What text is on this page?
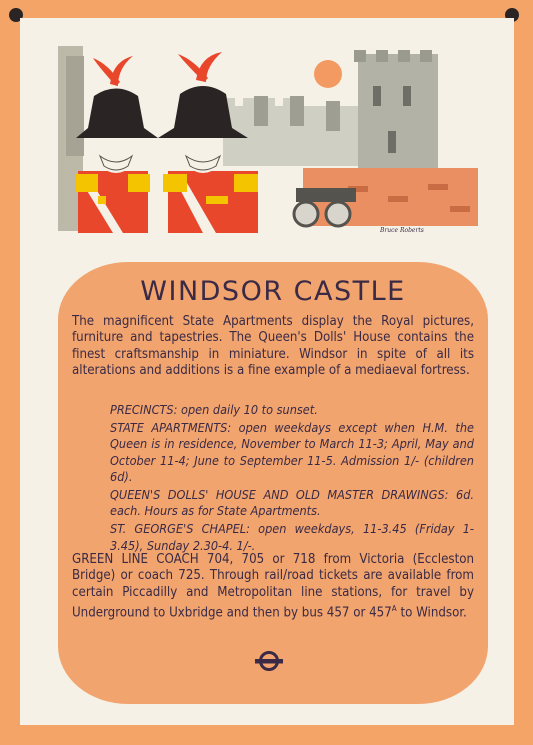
Bruce Roberts
WINDSOR CASTLE
The magnificent State Apartments display the Royal pictures, furniture and tapestries. The Queen's Dolls' House contains the finest craftsmanship in miniature. Windsor in spite of all its alterations and additions is a fine example of a mediaeval fortress.

PRECINCTS: open daily 10 to sunset.

STATE APARTMENTS: open weekdays except when H.M. the Queen is in residence, November to March 11-3; April, May and October 11-4; June to September 11-5. Admission 1/- (children 6d).

QUEEN'S DOLLS' HOUSE AND OLD MASTER DRAWINGS: 6d. each. Hours as for State Apartments.

ST. GEORGE'S CHAPEL: open weekdays, 11-3.45 (Friday 1-3.45), Sunday 2.30-4. 1/-.

GREEN LINE COACH 704, 705 or 718 from Victoria (Eccleston Bridge) or coach 725. Through rail/road tickets are available from certain Piccadilly and Metropolitan line stations, for travel by Underground to Uxbridge and then by bus 457 or $457^A$ to Windsor.
